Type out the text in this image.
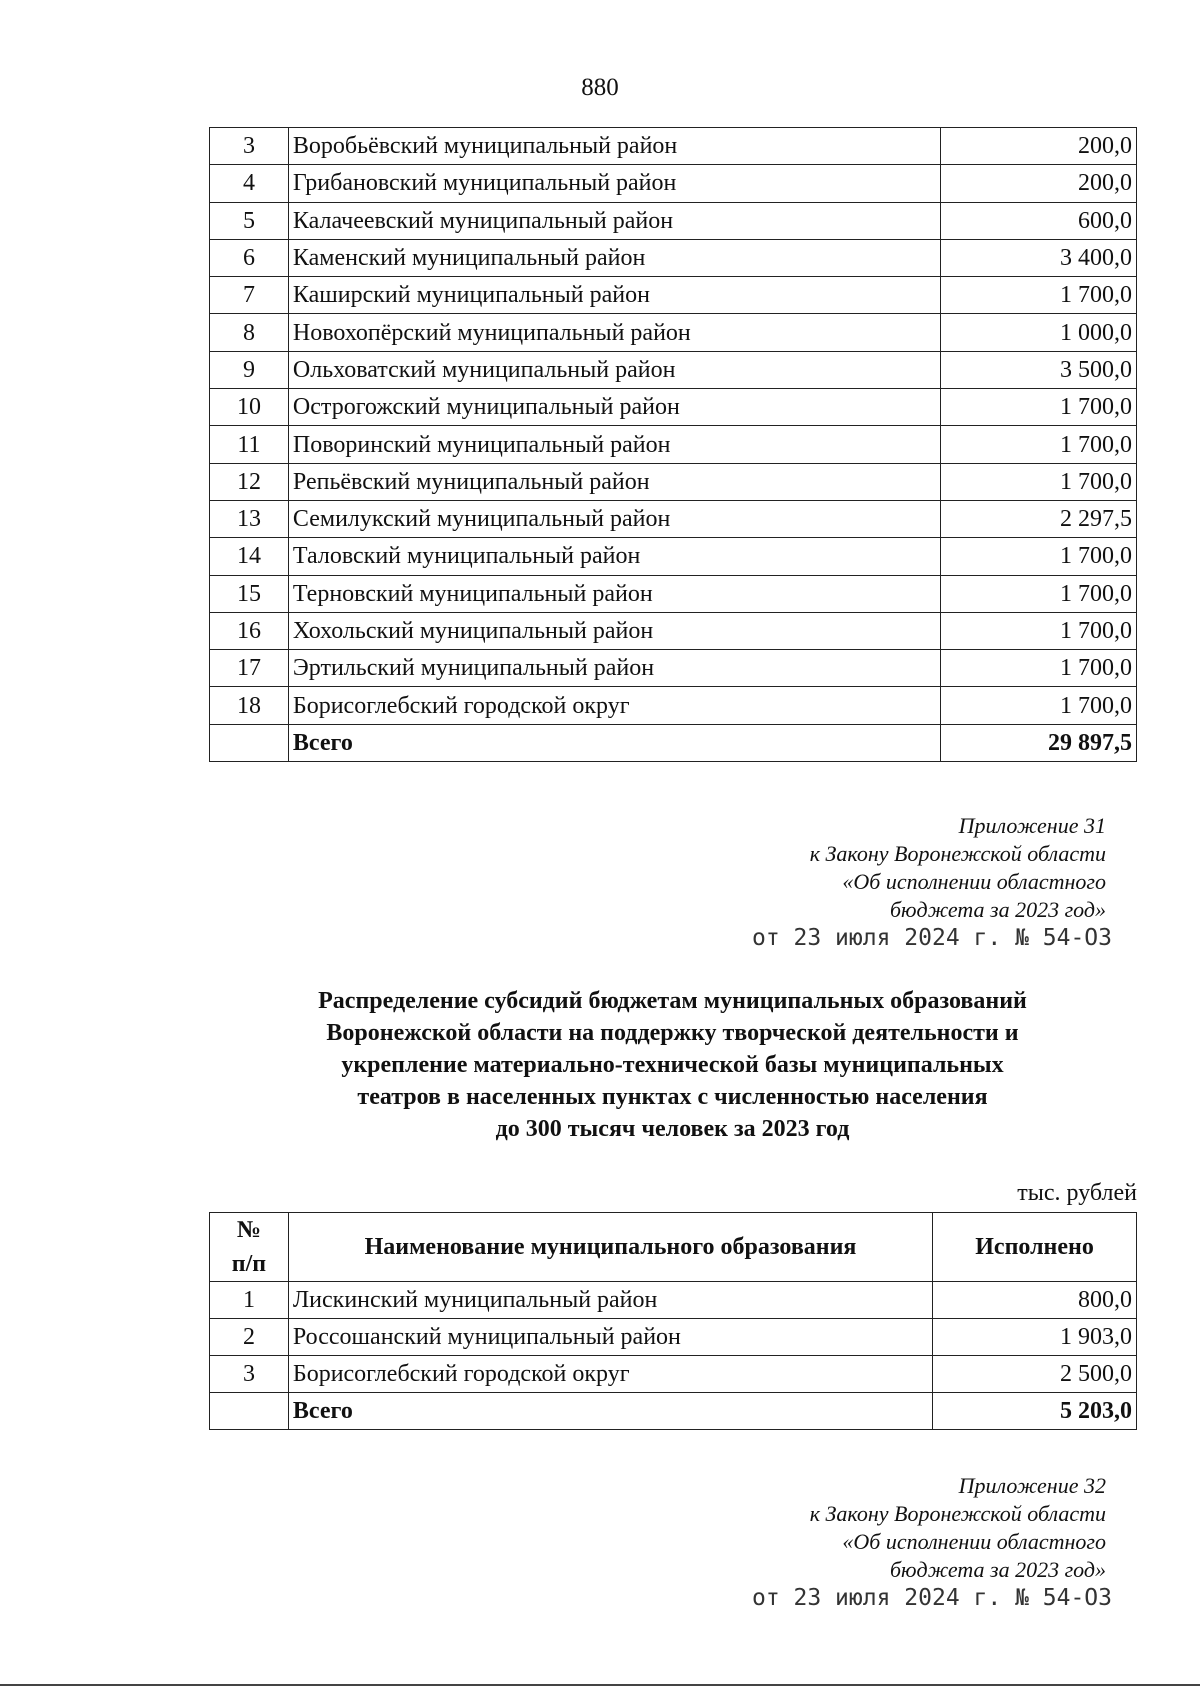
880
3	Воробьёвский муниципальный район	200,0
4	Грибановский муниципальный район	200,0
5	Калачеевский муниципальный район	600,0
6	Каменский муниципальный район	3 400,0
7	Каширский муниципальный район	1 700,0
8	Новохопёрский муниципальный район	1 000,0
9	Ольховатский муниципальный район	3 500,0
10	Острогожский муниципальный район	1 700,0
11	Поворинский муниципальный район	1 700,0
12	Репьёвский муниципальный район	1 700,0
13	Семилукский муниципальный район	2 297,5
14	Таловский муниципальный район	1 700,0
15	Терновский муниципальный район	1 700,0
16	Хохольский муниципальный район	1 700,0
17	Эртильский муниципальный район	1 700,0
18	Борисоглебский городской округ	1 700,0
	Всего	29 897,5
Приложение 31
к Закону Воронежской области
«Об исполнении областного
бюджета за 2023 год»
от 23 июля 2024 г. № 54-ОЗ
Распределение субсидий бюджетам муниципальных образований
Воронежской области на поддержку творческой деятельности и
укрепление материально-технической базы муниципальных
театров в населенных пунктах с численностью населения
до 300 тысяч человек за 2023 год
тыс. рублей
№
п/п	Наименование муниципального образования	Исполнено
1	Лискинский муниципальный район	800,0
2	Россошанский муниципальный район	1 903,0
3	Борисоглебский городской округ	2 500,0
	Всего	5 203,0
Приложение 32
к Закону Воронежской области
«Об исполнении областного
бюджета за 2023 год»
от 23 июля 2024 г. № 54-ОЗ
